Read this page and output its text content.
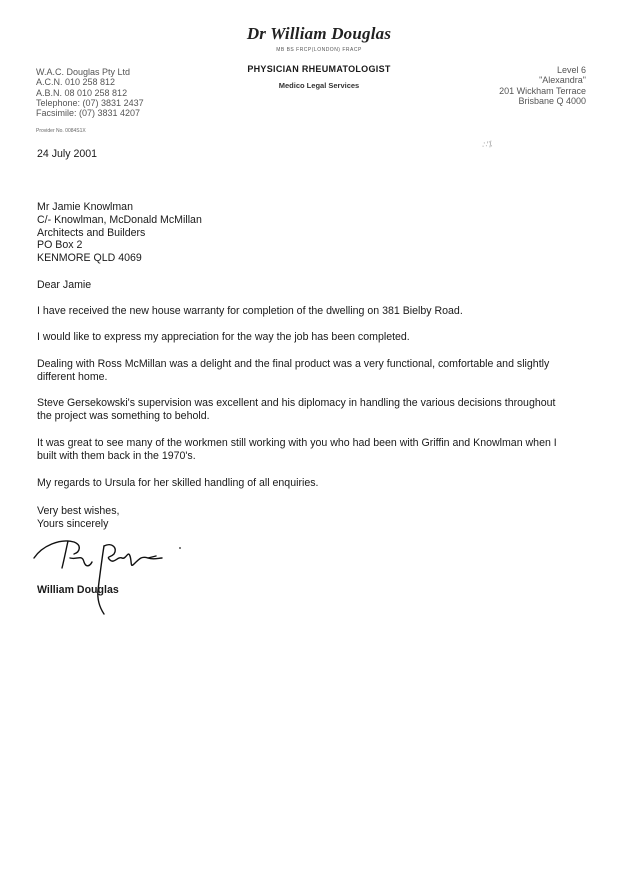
Dr William Douglas
MB BS FRCP(LONDON) FRACP
PHYSICIAN RHEUMATOLOGIST
Medico Legal Services
W.A.C. Douglas Pty Ltd
A.C.N. 010 258 812
A.B.N. 08 010 258 812
Telephone: (07) 3831 2437
Facsimile: (07) 3831 4207
Level 6
"Alexandra"
201 Wickham Terrace
Brisbane Q 4000
Provider No. 0084S1X
∴′⁒
24 July 2001
Mr Jamie Knowlman
C/- Knowlman, McDonald McMillan
Architects and Builders
PO Box 2
KENMORE QLD 4069
Dear Jamie
I have received the new house warranty for completion of the dwelling on 381 Bielby Road.
I would like to express my appreciation for the way the job has been completed.
Dealing with Ross McMillan was a delight and the final product was a very functional, comfortable and slightly different home.
Steve Gersekowski's supervision was excellent and his diplomacy in handling the various decisions throughout the project was something to behold.
It was great to see many of the workmen still working with you who had been with Griffin and Knowlman when I built with them back in the 1970's.
My regards to Ursula for her skilled handling of all enquiries.
Very best wishes,
Yours sincerely
William Douglas
